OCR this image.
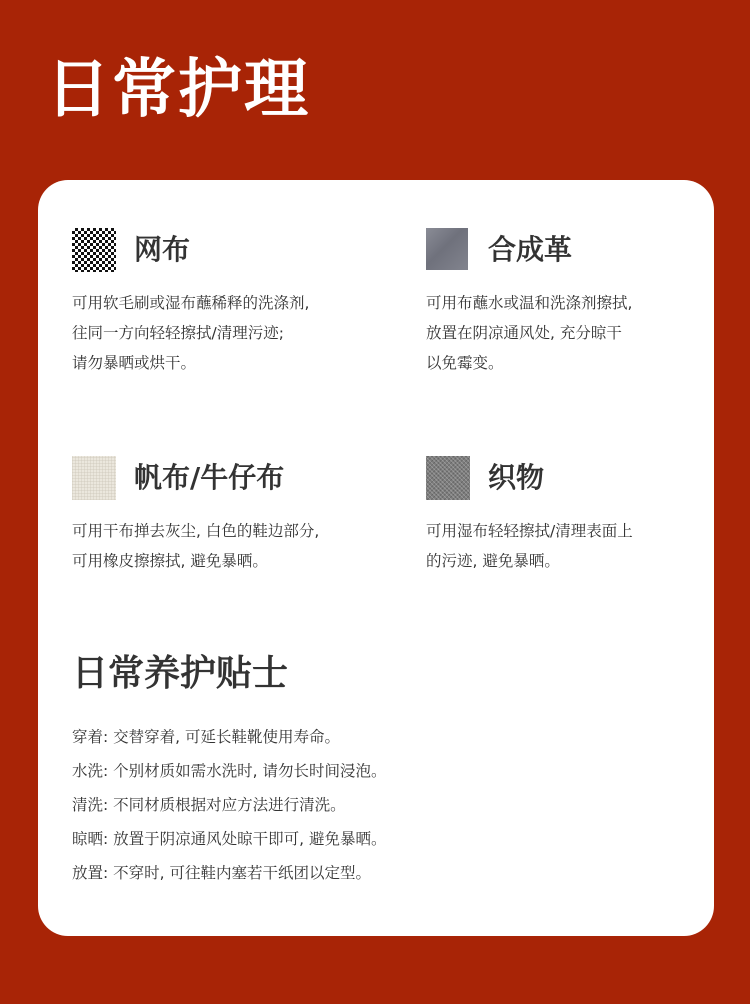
日常护理
网布
可用软毛刷或湿布蘸稀释的洗涤剂,
往同一方向轻轻擦拭/清理污迹;
请勿暴晒或烘干。
合成革
可用布蘸水或温和洗涤剂擦拭,
放置在阴凉通风处, 充分晾干
以免霉变。
帆布/牛仔布
可用干布掸去灰尘, 白色的鞋边部分,
可用橡皮擦擦拭, 避免暴晒。
织物
可用湿布轻轻擦拭/清理表面上
的污迹, 避免暴晒。
日常养护贴士
穿着: 交替穿着, 可延长鞋靴使用寿命。
水洗: 个别材质如需水洗时, 请勿长时间浸泡。
清洗: 不同材质根据对应方法进行清洗。
晾晒: 放置于阴凉通风处晾干即可, 避免暴晒。
放置: 不穿时, 可往鞋内塞若干纸团以定型。
